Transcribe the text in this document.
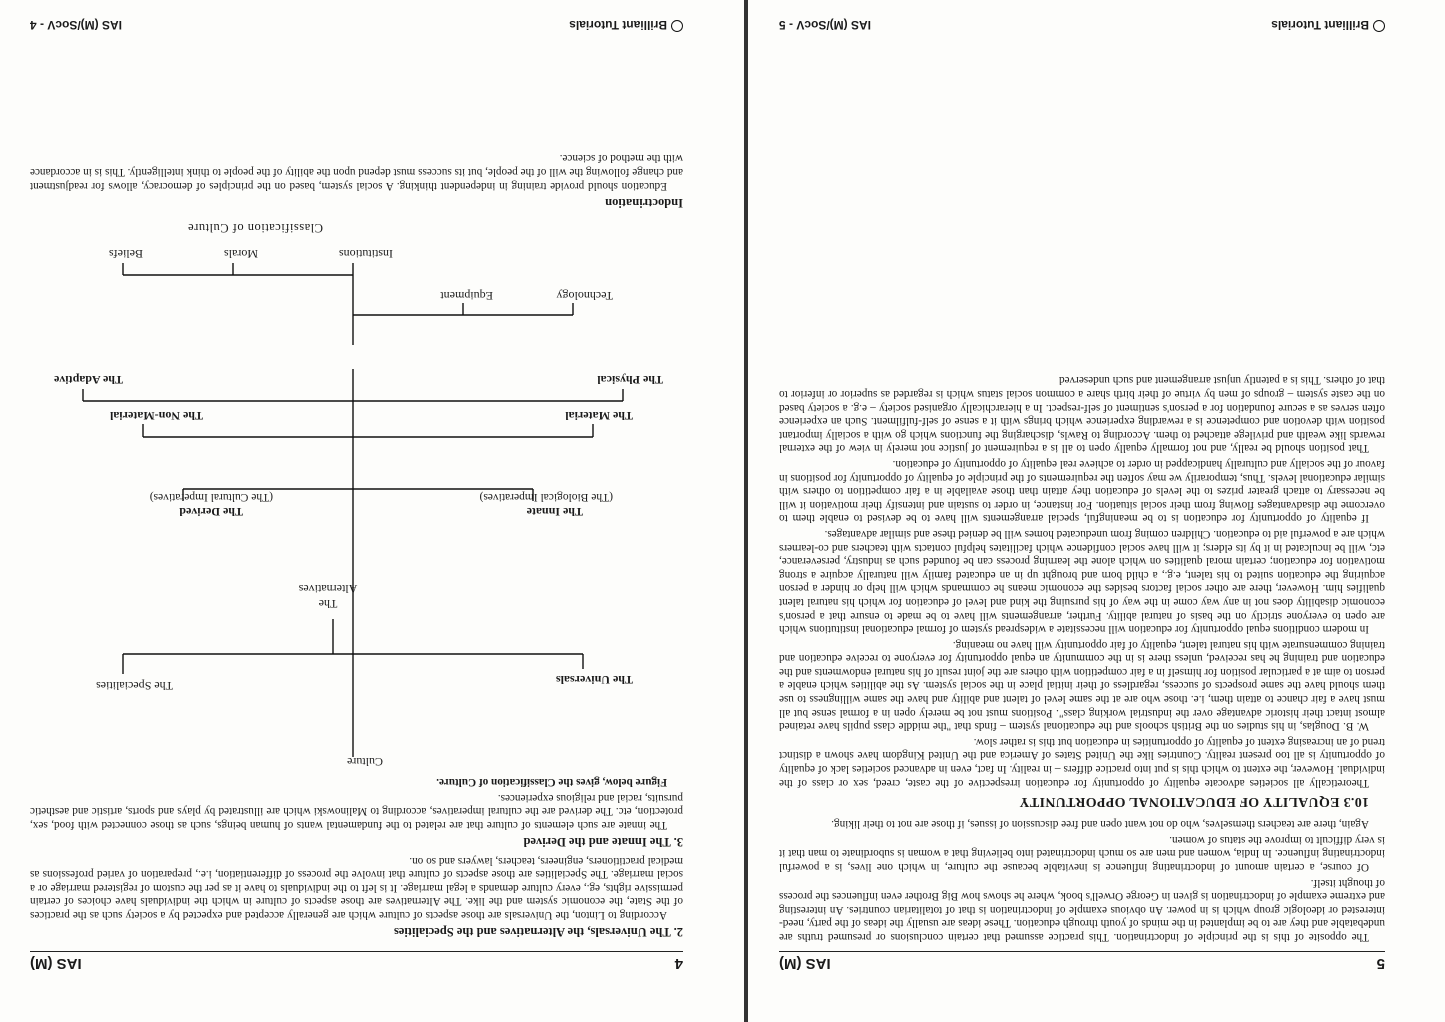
5
IAS (M)

The opposite of this is the principle of indoctrination. This practice assumed that certain conclusions or presumed truths are undebatable and they are to be implanted in the minds of youth through education. These ideas are usually the ideas of the party, need-interested or ideologic group which is in power. An obvious example of indoctrination is that of totalitarian countries. An interesting and extreme example of indoctrination is given in George Orwell's book, where he shows how Big Brother even influences the process of thought itself.

Of course, a certain amount of indoctrinating influence is inevitable because the culture, in which one lives, is a powerful indoctrinating influence. In India, women and men are so much indoctrinated into believing that a woman is subordinate to man that it is very difficult to improve the status of women.

Again, there are teachers themselves, who do not want open and free discussion of issues, if those are not to their liking.

10.3 EQUALITY OF EDUCATIONAL OPPORTUNITY

Theoretically all societies advocate equality of opportunity for education irrespective of the caste, creed, sex or class of the individual. However, the extent to which this is put into practice differs – in reality. In fact, even in advanced societies lack of equality of opportunity is all too present reality. Countries like the United States of America and the United Kingdom have shown a distinct trend of an increasing extent of equality of opportunities in education but this is rather slow.

W. B. Douglas, in his studies on the British schools and the educational system – finds that "the middle class pupils have retained almost intact their historic advantage over the industrial working class". Positions must not be merely open in a formal sense but all must have a fair chance to attain them, i.e. those who are at the same level of talent and ability and have the same willingness to use them should have the same prospects of success, regardless of their initial place in the social system. As the abilities which enable a person to aim at a particular position for himself in a fair competition with others are the joint result of his natural endowments and the education and training he has received, unless there is in the community an equal opportunity for everyone to receive education and training commensurate with his natural talent, equality of fair opportunity will have no meaning.

In modern conditions equal opportunity for education will necessitate a widespread system of formal educational institutions which are open to everyone strictly on the basis of natural ability. Further, arrangements will have to be made to ensure that a person's economic disability does not in any way come in the way of his pursuing the kind and level of education for which his natural talent qualifies him. However, there are other social factors besides the economic means he commands which will help or hinder a person acquiring the education suited to his talent, e.g., a child born and brought up in an educated family will naturally acquire a strong motivation for education; certain moral qualities on which alone the learning process can be founded such as industry, perseverance, etc, will be inculcated in it by its elders; it will have social confidence which facilitates helpful contacts with teachers and co-learners which are a powerful aid to education. Children coming from uneducated homes will be denied these and similar advantages.

If equality of opportunity for education is to be meaningful, special arrangements will have to be devised to enable them to overcome the disadvantages flowing from their social situation. For instance, in order to sustain and intensify their motivation it will be necessary to attach greater prizes to the levels of education they attain than those available in a fair competition to others with similar educational levels. Thus, temporarily we may soften the requirements of the principle of equality of opportunity for positions in favour of the socially and culturally handicapped in order to achieve real equality of opportunity of education.

That position should be really, and not formally equally open to all is a requirement of justice not merely in view of the external rewards like wealth and privilege attached to them. According to Rawls, discharging the functions which go with a socially important position with devotion and competence is a rewarding experience which brings with it a sense of self-fulfilment. Such an experience often serves as a secure foundation for a person's sentiment of self-respect. In a hierarchically organised society – e.g. a society based on the caste system – groups of men by virtue of their birth share a common social status which is regarded as superior or inferior to that of others. This is a patently unjust arrangement and such undeserved

Brilliant Tutorials
IAS (M)/SocV - 5
4
IAS (M)
2. The Universals, the Alternatives and the Specialities

According to Linton, the Universals are those aspects of culture which are generally accepted and expected by a society such as the practices of the State, the economic system and the like. The Alternatives are those aspects of culture in which the individuals have choices of certain permissive rights, eg., every culture demands a legal marriage. It is left to the individuals to have it as per the custom of registered marriage or a social marriage. The Specialities are those aspects of culture that involve the process of differentiation, i.e., preparation of varied professions as medical practitioners, engineers, teachers, lawyers and so on.

3. The Innate and the Derived

The innate are such elements of culture that are related to the fundamental wants of human beings, such as those connected with food, sex, protection, etc. The derived are the cultural imperatives, according to Malinowski which are illustrated by plays and sports, artistic and aesthetic pursuits, racial and religious experiences.

Figure below, gives the Classification of Culture.

Culture
The Universals
The Specialities
The Alternatives
The Innate
(The Biological Imperatives)
The Derived
(The Cultural Imperatives)
The Material
The Non-Material
The Physical
The Adaptive
Technology
Equipment
Institutions
Morals
Beliefs
Classification of Culture
Indoctrination

Education should provide training in independent thinking. A social system, based on the principles of democracy, allows for readjustment and change following the will of the people, but its success must depend upon the ability of the people to think intelligently. This is in accordance with the method of science.

Brilliant Tutorials
IAS (M)/SocV - 4
